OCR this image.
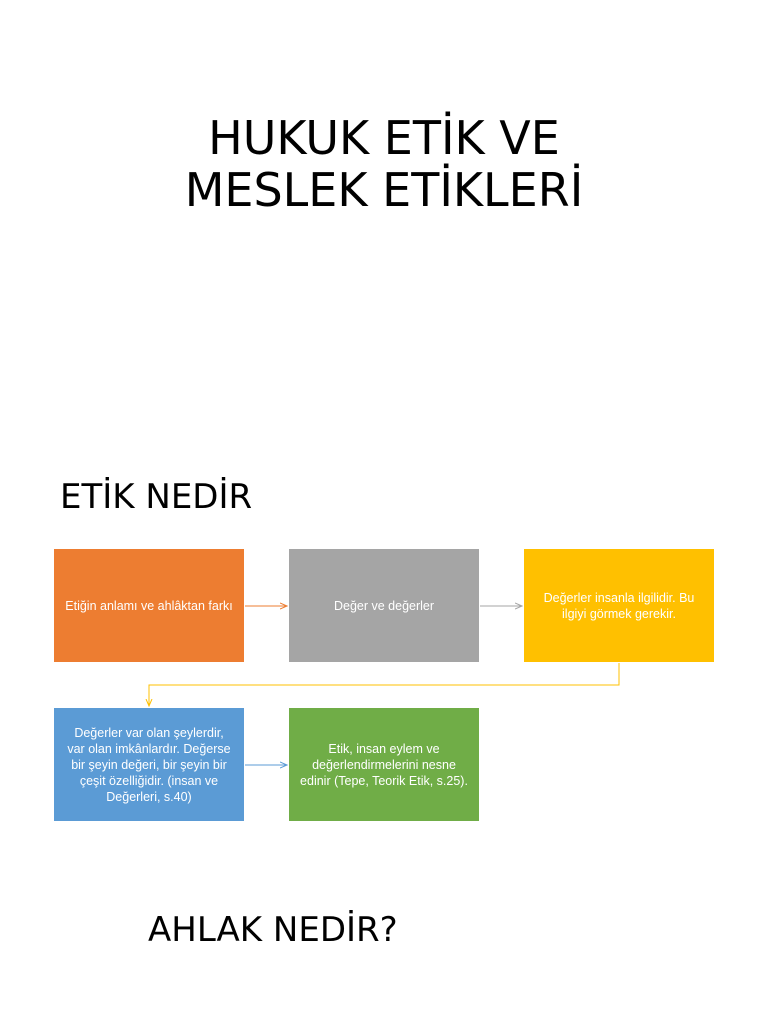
HUKUK ETİK VE
MESLEK ETİKLERİ
ETİK NEDİR
Etiğin anlamı ve ahlâktan farkı	Değer ve değerler
Değerler insanla ilgilidir. Bu ilgiyi görmek gerekir.
Değerler var olan şeylerdir, var olan imkânlardır. Değerse bir şeyin değeri, bir şeyin bir çeşit özelliğidir. (insan ve Değerleri, s.40)
Etik, insan eylem ve değerlendirmelerini nesne edinir (Tepe, Teorik Etik, s.25).
AHLAK NEDİR?
